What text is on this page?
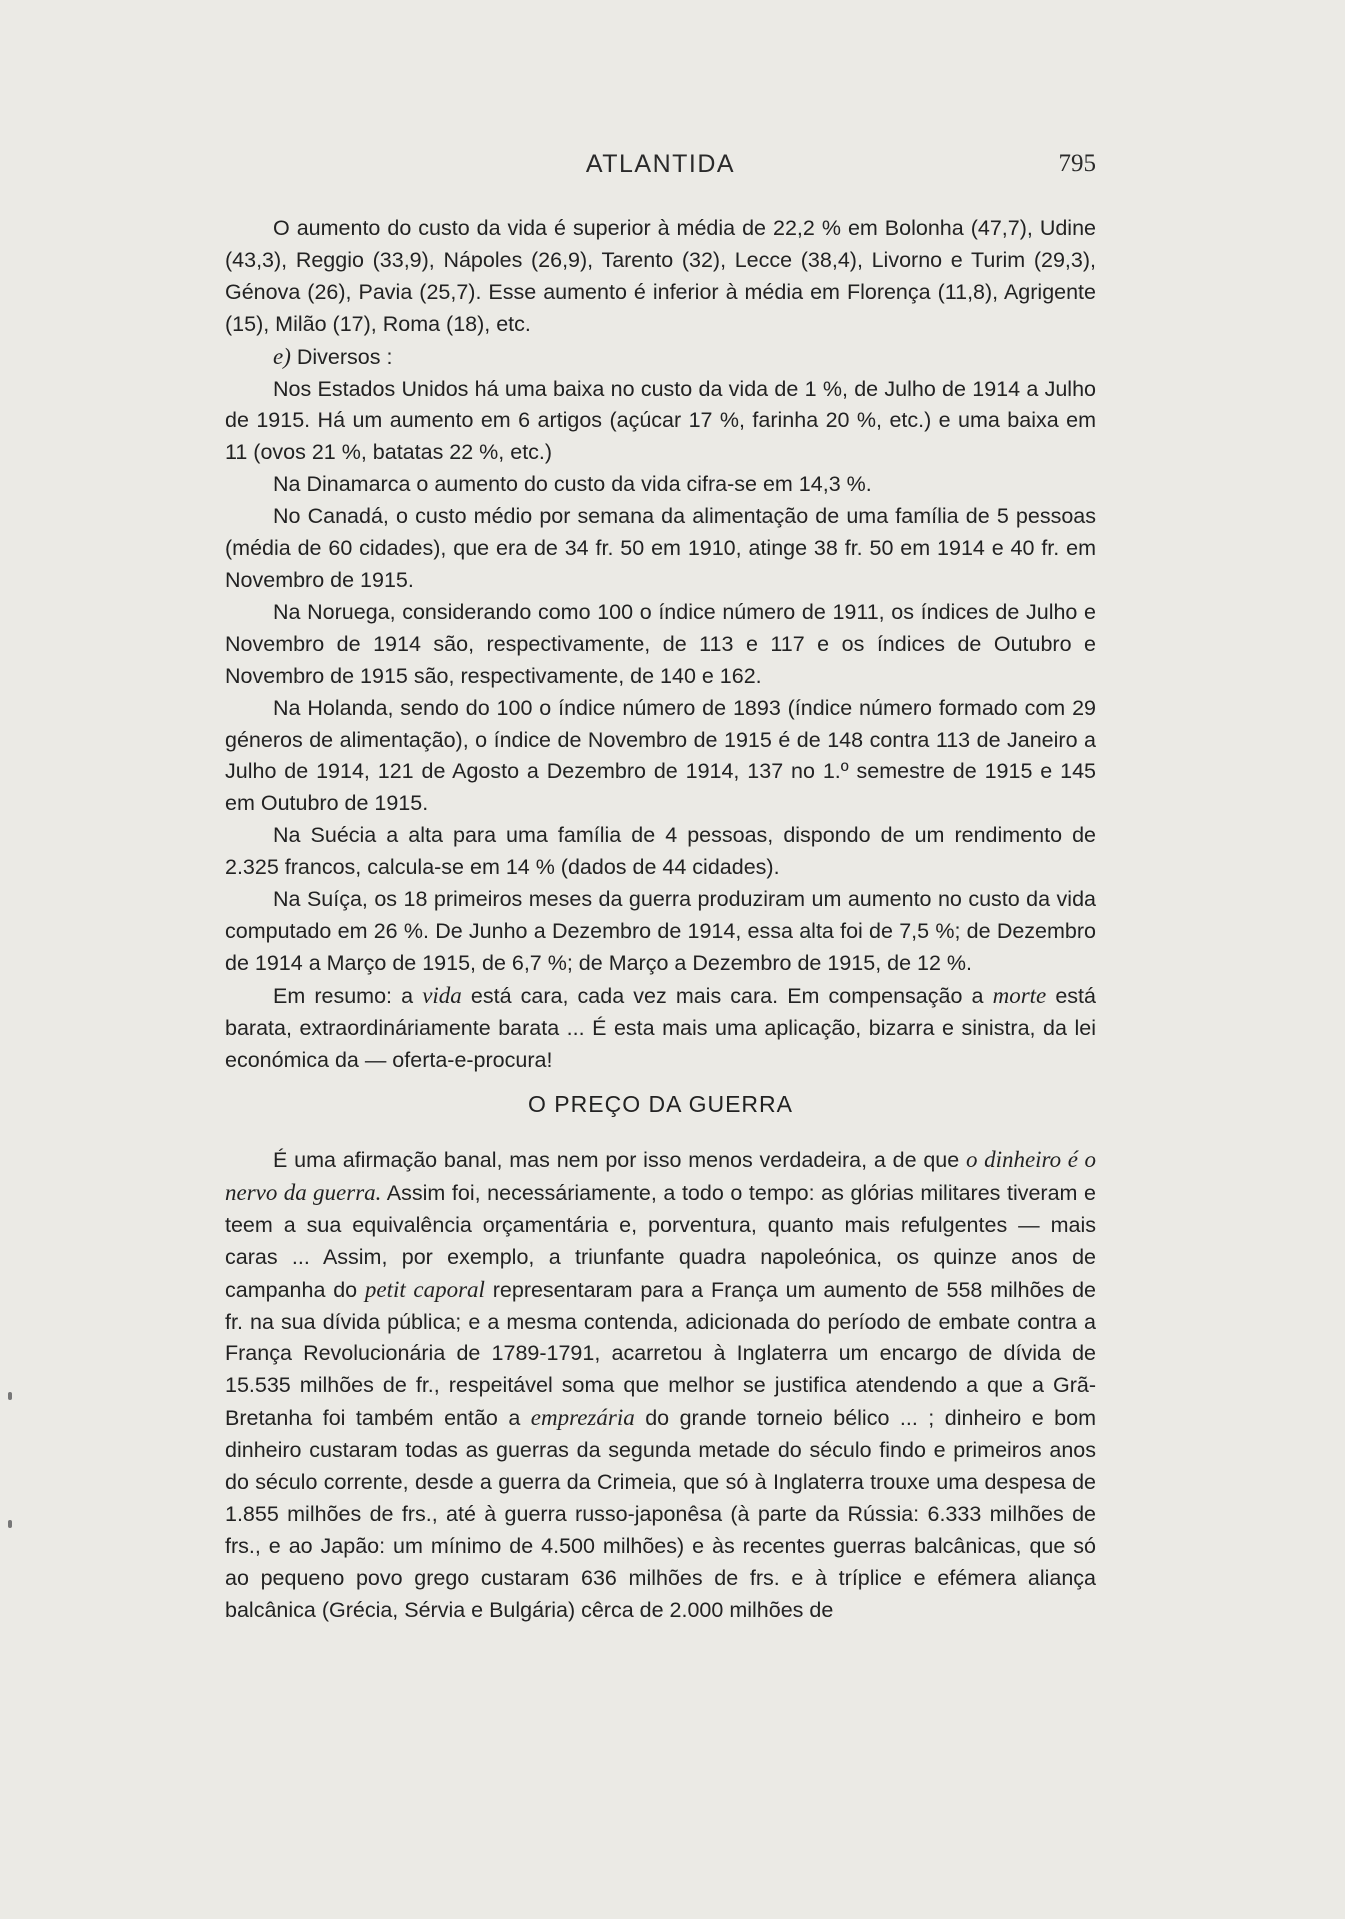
ATLANTIDA	795

O aumento do custo da vida é superior à média de 22,2 % em Bolonha (47,7), Udine (43,3), Reggio (33,9), Nápoles (26,9), Tarento (32), Lecce (38,4), Livorno e Turim (29,3), Génova (26), Pavia (25,7). Esse aumento é inferior à média em Florença (11,8), Agrigente (15), Milão (17), Roma (18), etc.

e) Diversos :

Nos Estados Unidos há uma baixa no custo da vida de 1 %, de Julho de 1914 a Julho de 1915. Há um aumento em 6 artigos (açúcar 17 %, farinha 20 %, etc.) e uma baixa em 11 (ovos 21 %, batatas 22 %, etc.)

Na Dinamarca o aumento do custo da vida cifra-se em 14,3 %.

No Canadá, o custo médio por semana da alimentação de uma família de 5 pessoas (média de 60 cidades), que era de 34 fr. 50 em 1910, atinge 38 fr. 50 em 1914 e 40 fr. em Novembro de 1915.

Na Noruega, considerando como 100 o índice número de 1911, os índices de Julho e Novembro de 1914 são, respectivamente, de 113 e 117 e os índices de Outubro e Novembro de 1915 são, respectivamente, de 140 e 162.

Na Holanda, sendo do 100 o índice número de 1893 (índice número formado com 29 géneros de alimentação), o índice de Novembro de 1915 é de 148 contra 113 de Janeiro a Julho de 1914, 121 de Agosto a Dezembro de 1914, 137 no 1.º semestre de 1915 e 145 em Outubro de 1915.

Na Suécia a alta para uma família de 4 pessoas, dispondo de um rendimento de 2.325 francos, calcula-se em 14 % (dados de 44 cidades).

Na Suíça, os 18 primeiros meses da guerra produziram um aumento no custo da vida computado em 26 %. De Junho a Dezembro de 1914, essa alta foi de 7,5 %; de Dezembro de 1914 a Março de 1915, de 6,7 %; de Março a Dezembro de 1915, de 12 %.

Em resumo: a vida está cara, cada vez mais cara. Em compensação a morte está barata, extraordináriamente barata ... É esta mais uma aplicação, bizarra e sinistra, da lei económica da — oferta-e-procura!

O PREÇO DA GUERRA

É uma afirmação banal, mas nem por isso menos verdadeira, a de que o dinheiro é o nervo da guerra. Assim foi, necessáriamente, a todo o tempo: as glórias militares tiveram e teem a sua equivalência orçamentária e, porventura, quanto mais refulgentes — mais caras ... Assim, por exemplo, a triunfante quadra napoleónica, os quinze anos de campanha do petit caporal representaram para a França um aumento de 558 milhões de fr. na sua dívida pública; e a mesma contenda, adicionada do período de embate contra a França Revolucionária de 1789-1791, acarretou à Inglaterra um encargo de dívida de 15.535 milhões de fr., respeitável soma que melhor se justifica atendendo a que a Grã-Bretanha foi também então a emprezária do grande torneio bélico ... ; dinheiro e bom dinheiro custaram todas as guerras da segunda metade do século findo e primeiros anos do século corrente, desde a guerra da Crimeia, que só à Inglaterra trouxe uma despesa de 1.855 milhões de frs., até à guerra russo-japonêsa (à parte da Rússia: 6.333 milhões de frs., e ao Japão: um mínimo de 4.500 milhões) e às recentes guerras balcânicas, que só ao pequeno povo grego custaram 636 milhões de frs. e à tríplice e efémera aliança balcânica (Grécia, Sérvia e Bulgária) cêrca de 2.000 milhões de
